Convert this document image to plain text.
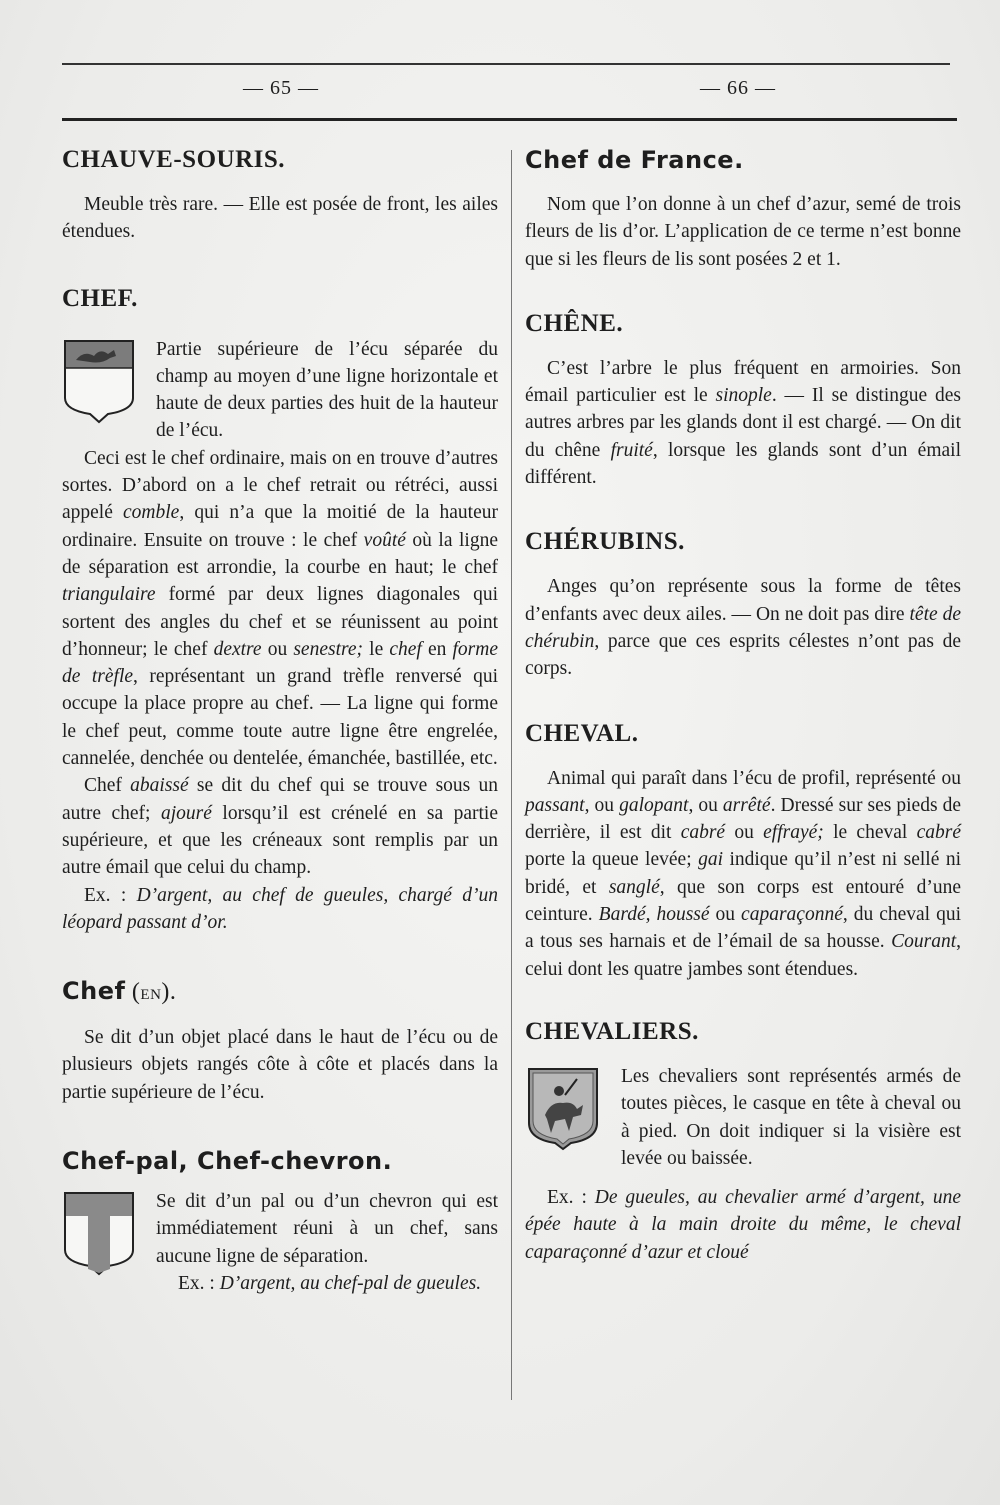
— 65 —	— 66 —
CHAUVE-SOURIS.

Meuble très rare. — Elle est posée de front, les ailes étendues.

CHEF.

Partie supérieure de l’écu séparée du champ au moyen d’une ligne horizontale et haute de deux parties des huit de la hauteur de l’écu.

Ceci est le chef ordinaire, mais on en trouve d’autres sortes. D’abord on a le chef retrait ou rétréci, aussi appelé comble, qui n’a que la moitié de la hauteur ordinaire. Ensuite on trouve : le chef voûté où la ligne de séparation est arrondie, la courbe en haut; le chef triangulaire formé par deux lignes diagonales qui sortent des angles du chef et se réunissent au point d’honneur; le chef dextre ou senestre; le chef en forme de trèfle, représentant un grand trèfle renversé qui occupe la place propre au chef. — La ligne qui forme le chef peut, comme toute autre ligne être engrelée, cannelée, denchée ou dentelée, émanchée, bastillée, etc.

Chef abaissé se dit du chef qui se trouve sous un autre chef; ajouré lorsqu’il est crénelé en sa partie supérieure, et que les créneaux sont remplis par un autre émail que celui du champ.

Ex. : D’argent, au chef de gueules, chargé d’un léopard passant d’or.

Chef (EN).

Se dit d’un objet placé dans le haut de l’écu ou de plusieurs objets rangés côte à côte et placés dans la partie supérieure de l’écu.

Chef-pal, Chef-chevron.

Se dit d’un pal ou d’un chevron qui est immédiatement réuni à un chef, sans aucune ligne de séparation.

Ex. : D’argent, au chef-pal de gueules.

Chef de France.

Nom que l’on donne à un chef d’azur, semé de trois fleurs de lis d’or. L’application de ce terme n’est bonne que si les fleurs de lis sont posées 2 et 1.

CHÊNE.

C’est l’arbre le plus fréquent en armoiries. Son émail particulier est le sinople. — Il se distingue des autres arbres par les glands dont il est chargé. — On dit du chêne fruité, lorsque les glands sont d’un émail différent.

CHÉRUBINS.

Anges qu’on représente sous la forme de têtes d’enfants avec deux ailes. — On ne doit pas dire tête de chérubin, parce que ces esprits célestes n’ont pas de corps.

CHEVAL.

Animal qui paraît dans l’écu de profil, représenté ou passant, ou galopant, ou arrêté. Dressé sur ses pieds de derrière, il est dit cabré ou effrayé; le cheval cabré porte la queue levée; gai indique qu’il n’est ni sellé ni bridé, et sanglé, que son corps est entouré d’une ceinture. Bardé, houssé ou caparaçonné, du cheval qui a tous ses harnais et de l’émail de sa housse. Courant, celui dont les quatre jambes sont étendues.

CHEVALIERS.

Les chevaliers sont représentés armés de toutes pièces, le casque en tête à cheval ou à pied. On doit indiquer si la visière est levée ou baissée.

Ex. : De gueules, au chevalier armé d’argent, une épée haute à la main droite du même, le cheval caparaçonné d’azur et cloué
